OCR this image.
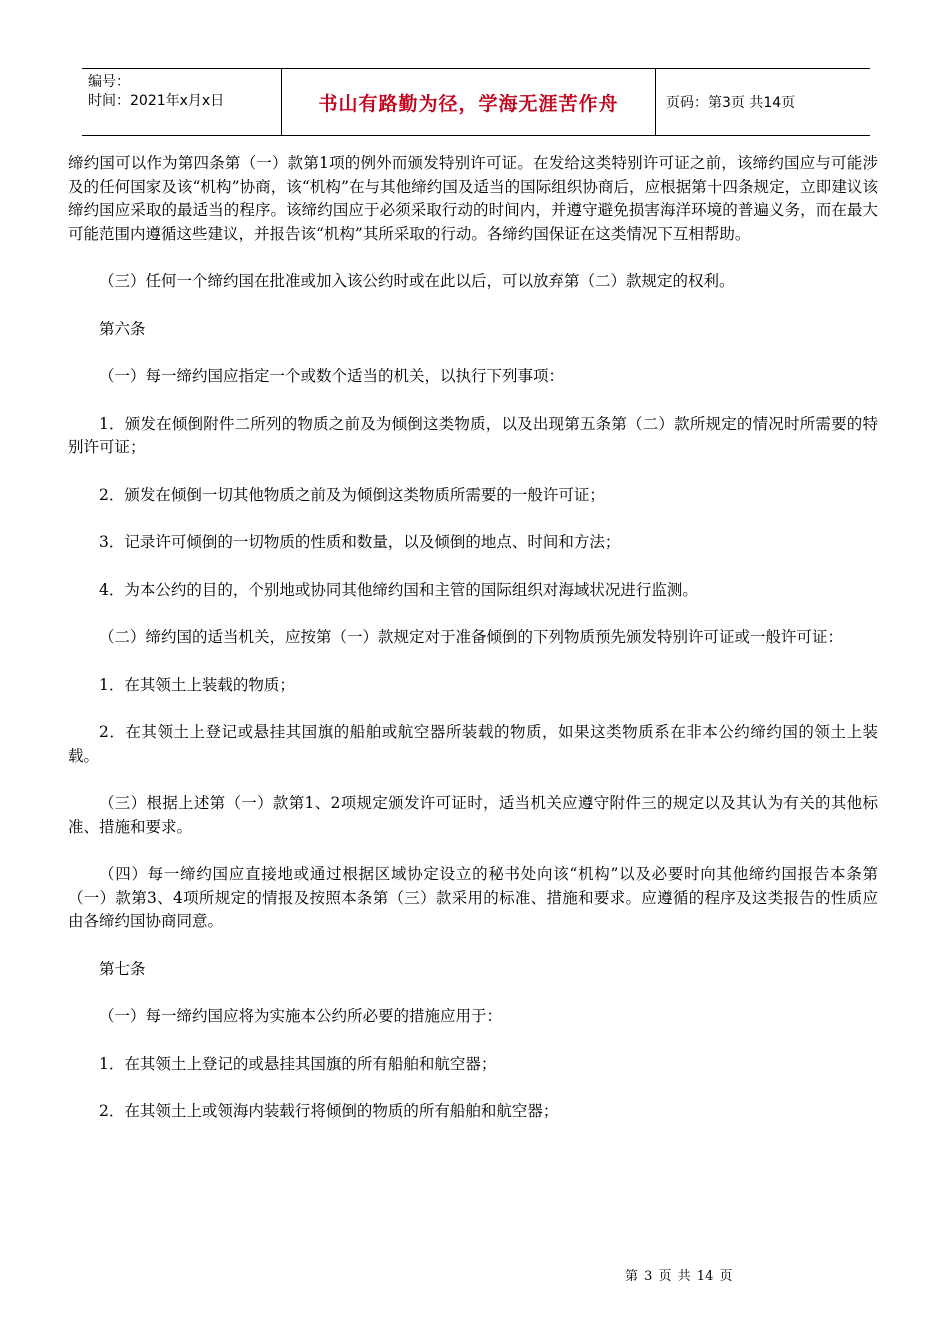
编号：
时间：2021年x月x日	书山有路勤为径，学海无涯苦作舟	页码：第3页 共14页

缔约国可以作为第四条第（一）款第1项的例外而颁发特别许可证。在发给这类特别许可证之前，该缔约国应与可能涉及的任何国家及该“机构”协商，该“机构”在与其他缔约国及适当的国际组织协商后，应根据第十四条规定，立即建议该缔约国应采取的最适当的程序。该缔约国应于必须采取行动的时间内，并遵守避免损害海洋环境的普遍义务，而在最大可能范围内遵循这些建议，并报告该“机构”其所采取的行动。各缔约国保证在这类情况下互相帮助。

（三）任何一个缔约国在批准或加入该公约时或在此以后，可以放弃第（二）款规定的权利。

第六条

（一）每一缔约国应指定一个或数个适当的机关，以执行下列事项：

1．颁发在倾倒附件二所列的物质之前及为倾倒这类物质，以及出现第五条第（二）款所规定的情况时所需要的特别许可证；

2．颁发在倾倒一切其他物质之前及为倾倒这类物质所需要的一般许可证；

3．记录许可倾倒的一切物质的性质和数量，以及倾倒的地点、时间和方法；

4．为本公约的目的，个别地或协同其他缔约国和主管的国际组织对海域状况进行监测。

（二）缔约国的适当机关，应按第（一）款规定对于准备倾倒的下列物质预先颁发特别许可证或一般许可证：

1．在其领土上装载的物质；

2．在其领土上登记或悬挂其国旗的船舶或航空器所装载的物质，如果这类物质系在非本公约缔约国的领土上装载。

（三）根据上述第（一）款第1、2项规定颁发许可证时，适当机关应遵守附件三的规定以及其认为有关的其他标准、措施和要求。

（四）每一缔约国应直接地或通过根据区域协定设立的秘书处向该“机构”以及必要时向其他缔约国报告本条第（一）款第3、4项所规定的情报及按照本条第（三）款采用的标准、措施和要求。应遵循的程序及这类报告的性质应由各缔约国协商同意。

第七条

（一）每一缔约国应将为实施本公约所必要的措施应用于：

1．在其领土上登记的或悬挂其国旗的所有船舶和航空器；

2．在其领土上或领海内装载行将倾倒的物质的所有船舶和航空器；

第 3 页 共 14 页
